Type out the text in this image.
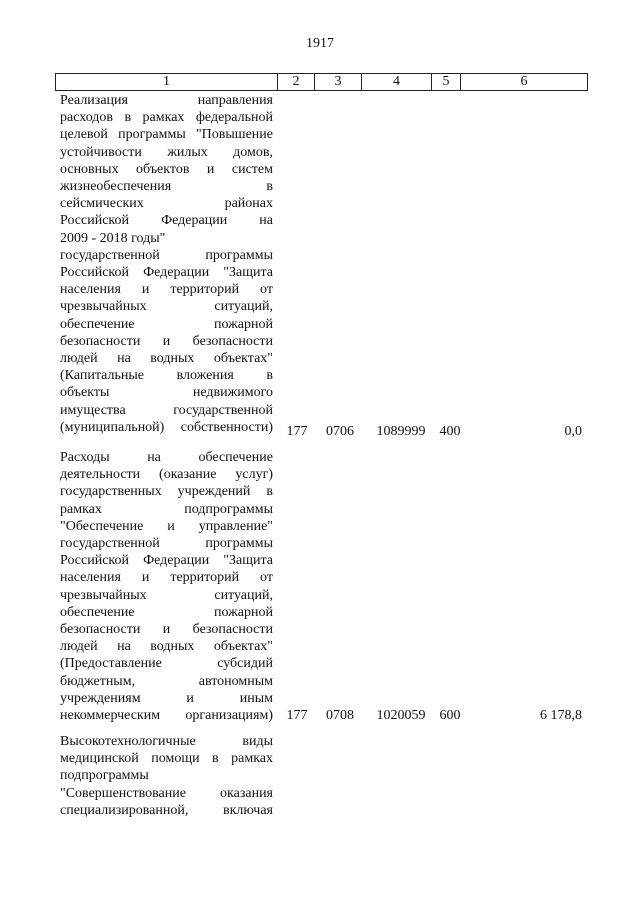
1917
1	2	3	4	5	6
Реализация направления
расходов в рамках федеральной
целевой программы "Повышение
устойчивости жилых домов,
основных объектов и систем
жизнеобеспечения в
сейсмических районах
Российской Федерации на
2009 - 2018 годы"
государственной программы
Российской Федерации "Защита
населения и территорий от
чрезвычайных ситуаций,
обеспечение пожарной
безопасности и безопасности
людей на водных объектах"
(Капитальные вложения в
объекты недвижимого
имущества государственной
(муниципальной) собственности) 177	0706	1089999	400	0,0
Расходы на обеспечение
деятельности (оказание услуг)
государственных учреждений в
рамках подпрограммы
"Обеспечение и управление"
государственной программы
Российской Федерации "Защита
населения и территорий от
чрезвычайных ситуаций,
обеспечение пожарной
безопасности и безопасности
людей на водных объектах"
(Предоставление субсидий
бюджетным, автономным
учреждениям и иным
некоммерческим организациям) 177	0708	1020059	600	6 178,8
Высокотехнологичные виды
медицинской помощи в рамках
подпрограммы
"Совершенствование оказания
специализированной, включая
